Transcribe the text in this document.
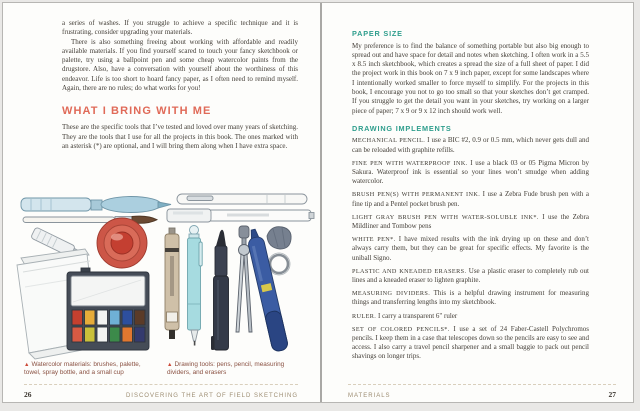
a series of washes. If you struggle to achieve a specific technique and it is frustrating, consider upgrading your materials.

There is also something freeing about working with affordable and readily available materials. If you find yourself scared to touch your fancy sketchbook or palette, try using a ballpoint pen and some cheap watercolor paints from the drugstore. Also, have a conversation with yourself about the worthiness of this endeavor. Life is too short to hoard fancy paper, as I often need to remind myself. Again, there are no rules; do what works for you!

WHAT I BRING WITH ME

These are the specific tools that I’ve tested and loved over many years of sketching. They are the tools that I use for all the projects in this book. The ones marked with an asterisk (*) are optional, and I will bring them along when I have extra space.

▲ Watercolor materials: brushes, palette, towel, spray bottle, and a small cup
▲ Drawing tools: pens, pencil, measuring dividers, and erasers
26	DISCOVERING THE ART OF FIELD SKETCHING
PAPER SIZE

My preference is to find the balance of something portable but also big enough to spread out and have space for detail and notes when sketching. I often work in a 5.5 x 8.5 inch sketchbook, which creates a spread the size of a full sheet of paper. I did the project work in this book on 7 x 9 inch paper, except for some landscapes where I intentionally worked smaller to force myself to simplify. For the projects in this book, I encourage you not to go too small so that your sketches don’t get cramped. If you struggle to get the detail you want in your sketches, try working on a larger piece of paper; 7 x 9 or 9 x 12 inch should work well.

DRAWING IMPLEMENTS
MECHANICAL PENCIL. I use a BIC #2, 0.9 or 0.5 mm, which never gets dull and can be reloaded with graphite refills.
FINE PEN WITH WATERPROOF INK. I use a black 03 or 05 Pigma Micron by Sakura. Waterproof ink is essential so your lines won’t smudge when adding watercolor.
BRUSH PEN(S) WITH PERMANENT INK. I use a Zebra Fude brush pen with a fine tip and a Pentel pocket brush pen.
LIGHT GRAY BRUSH PEN WITH WATER-SOLUBLE INK*. I use the Zebra Mildliner and Tombow pens
WHITE PEN*. I have mixed results with the ink drying up on these and don’t always carry them, but they can be great for specific effects. My favorite is the uniball Signo.
PLASTIC AND KNEADED ERASERS. Use a plastic eraser to completely rub out lines and a kneaded eraser to lighten graphite.
MEASURING DIVIDERS. This is a helpful drawing instrument for measuring things and transferring lengths into my sketchbook.
RULER. I carry a transparent 6" ruler
SET OF COLORED PENCILS*. I use a set of 24 Faber-Castell Polychromos pencils. I keep them in a case that telescopes down so the pencils are easy to see and access. I also carry a travel pencil sharpener and a small baggie to pack out pencil shavings on longer trips.
MATERIALS	27
